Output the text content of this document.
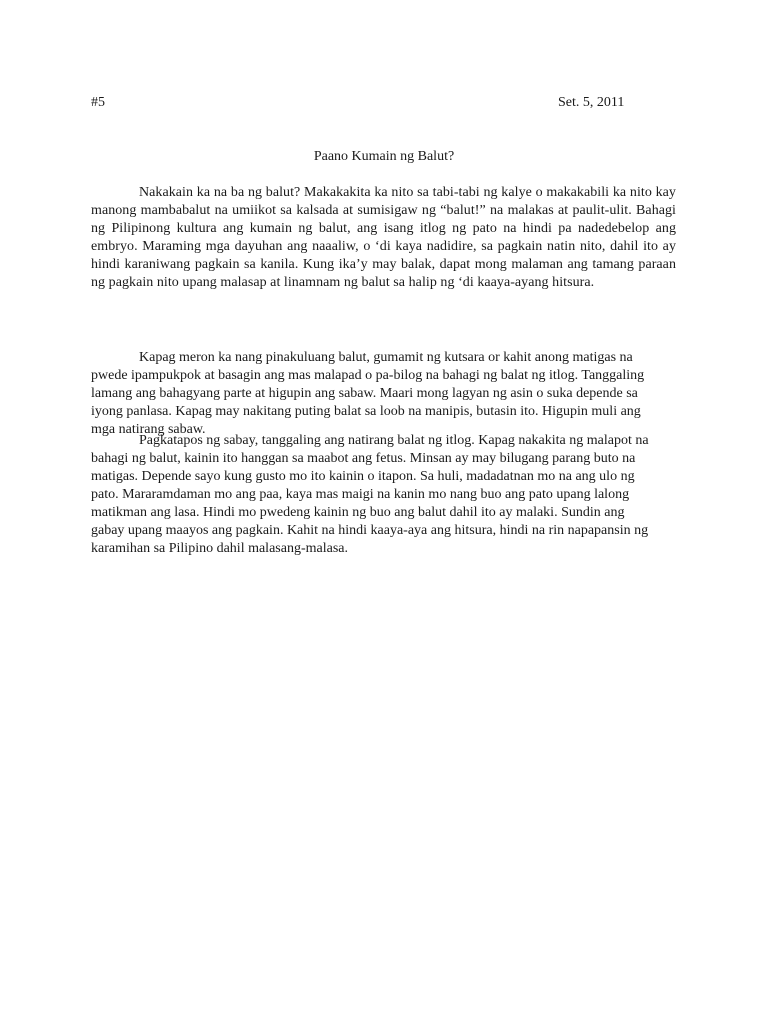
#5	Set. 5, 2011
Paano Kumain ng Balut?

Nakakain ka na ba ng balut? Makakakita ka nito sa tabi-tabi ng kalye o makakabili ka nito kay manong mambabalut na umiikot sa kalsada at sumisigaw ng “balut!” na malakas at paulit-ulit. Bahagi ng Pilipinong kultura ang kumain ng balut, ang isang itlog ng pato na hindi pa nadedebelop ang embryo. Maraming mga dayuhan ang naaaliw, o ‘di kaya nadidire, sa pagkain natin nito, dahil ito ay hindi karaniwang pagkain sa kanila. Kung ika’y may balak, dapat mong malaman ang tamang paraan ng pagkain nito upang malasap at linamnam ng balut sa halip ng ‘di kaaya-ayang hitsura.

Kapag meron ka nang pinakuluang balut, gumamit ng kutsara or kahit anong matigas na pwede ipampukpok at basagin ang mas malapad o pa-bilog na bahagi ng balat ng itlog. Tanggaling lamang ang bahagyang parte at higupin ang sabaw. Maari mong lagyan ng asin o suka depende sa iyong panlasa. Kapag may nakitang puting balat sa loob na manipis, butasin ito. Higupin muli ang mga natirang sabaw.

Pagkatapos ng sabay, tanggaling ang natirang balat ng itlog. Kapag nakakita ng malapot na bahagi ng balut, kainin ito hanggan sa maabot ang fetus. Minsan ay may bilugang parang buto na matigas. Depende sayo kung gusto mo ito kainin o itapon. Sa huli, madadatnan mo na ang ulo ng pato. Mararamdaman mo ang paa, kaya mas maigi na kanin mo nang buo ang pato upang lalong matikman ang lasa. Hindi mo pwedeng kainin ng buo ang balut dahil ito ay malaki. Sundin ang gabay upang maayos ang pagkain. Kahit na hindi kaaya-aya ang hitsura, hindi na rin napapansin ng karamihan sa Pilipino dahil malasang-malasa.
